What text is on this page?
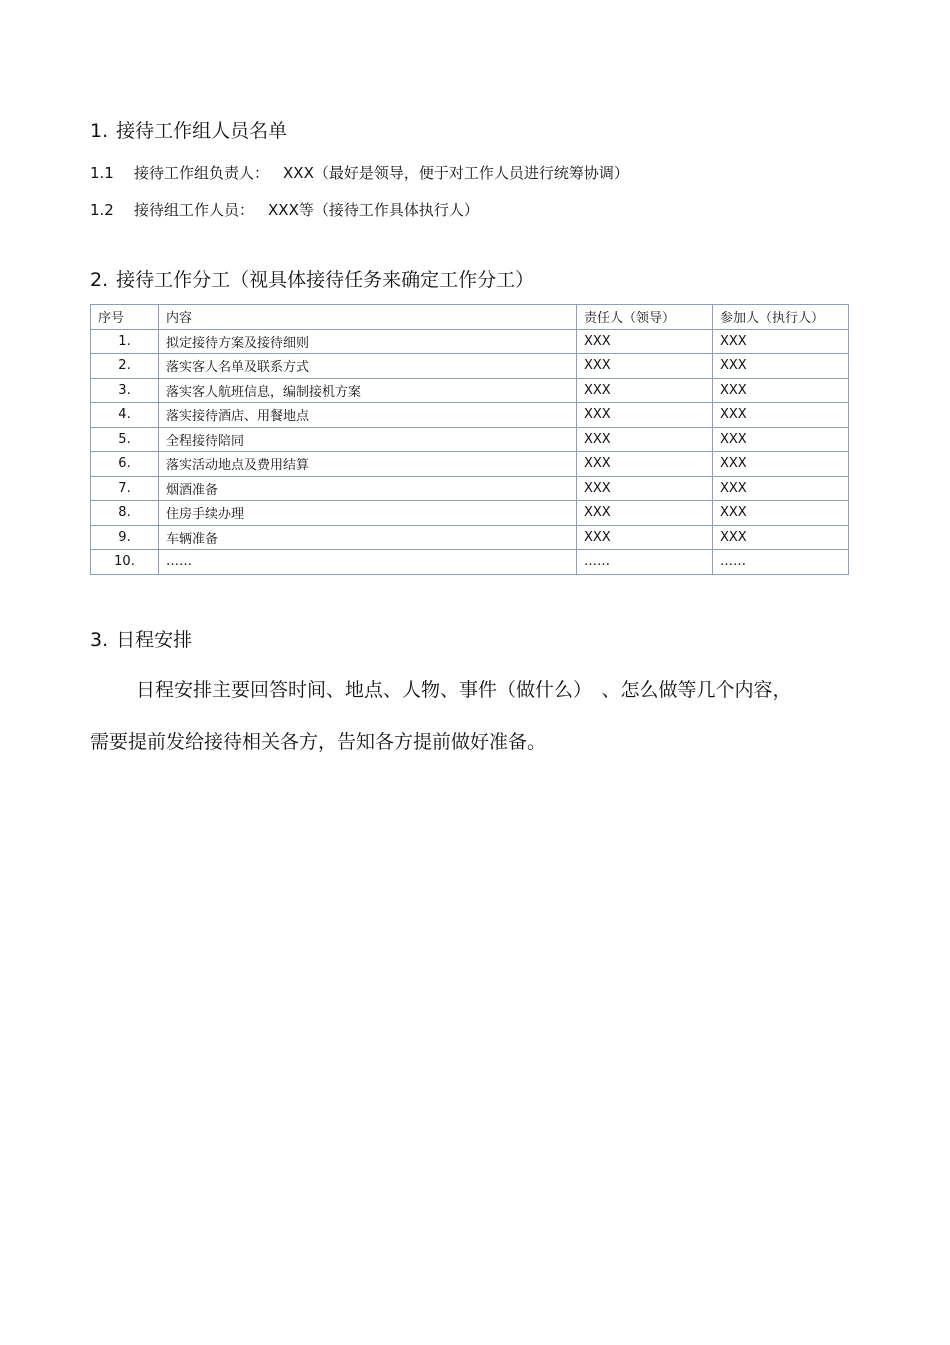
1. 接待工作组人员名单
1.1 接待工作组负责人： XXX（最好是领导，便于对工作人员进行统筹协调）
1.2 接待组工作人员： XXX等（接待工作具体执行人）
2. 接待工作分工（视具体接待任务来确定工作分工）
序号	内容	责任人（领导）	参加人（执行人）
1.	拟定接待方案及接待细则	XXX	XXX
2.	落实客人名单及联系方式	XXX	XXX
3.	落实客人航班信息，编制接机方案	XXX	XXX
4.	落实接待酒店、用餐地点	XXX	XXX
5.	全程接待陪同	XXX	XXX
6.	落实活动地点及费用结算	XXX	XXX
7.	烟酒准备	XXX	XXX
8.	住房手续办理	XXX	XXX
9.	车辆准备	XXX	XXX
10.	……	……	……
3. 日程安排
日程安排主要回答时间、地点、人物、事件（做什么）　、怎么做等几个内容，
需要提前发给接待相关各方，告知各方提前做好准备。
